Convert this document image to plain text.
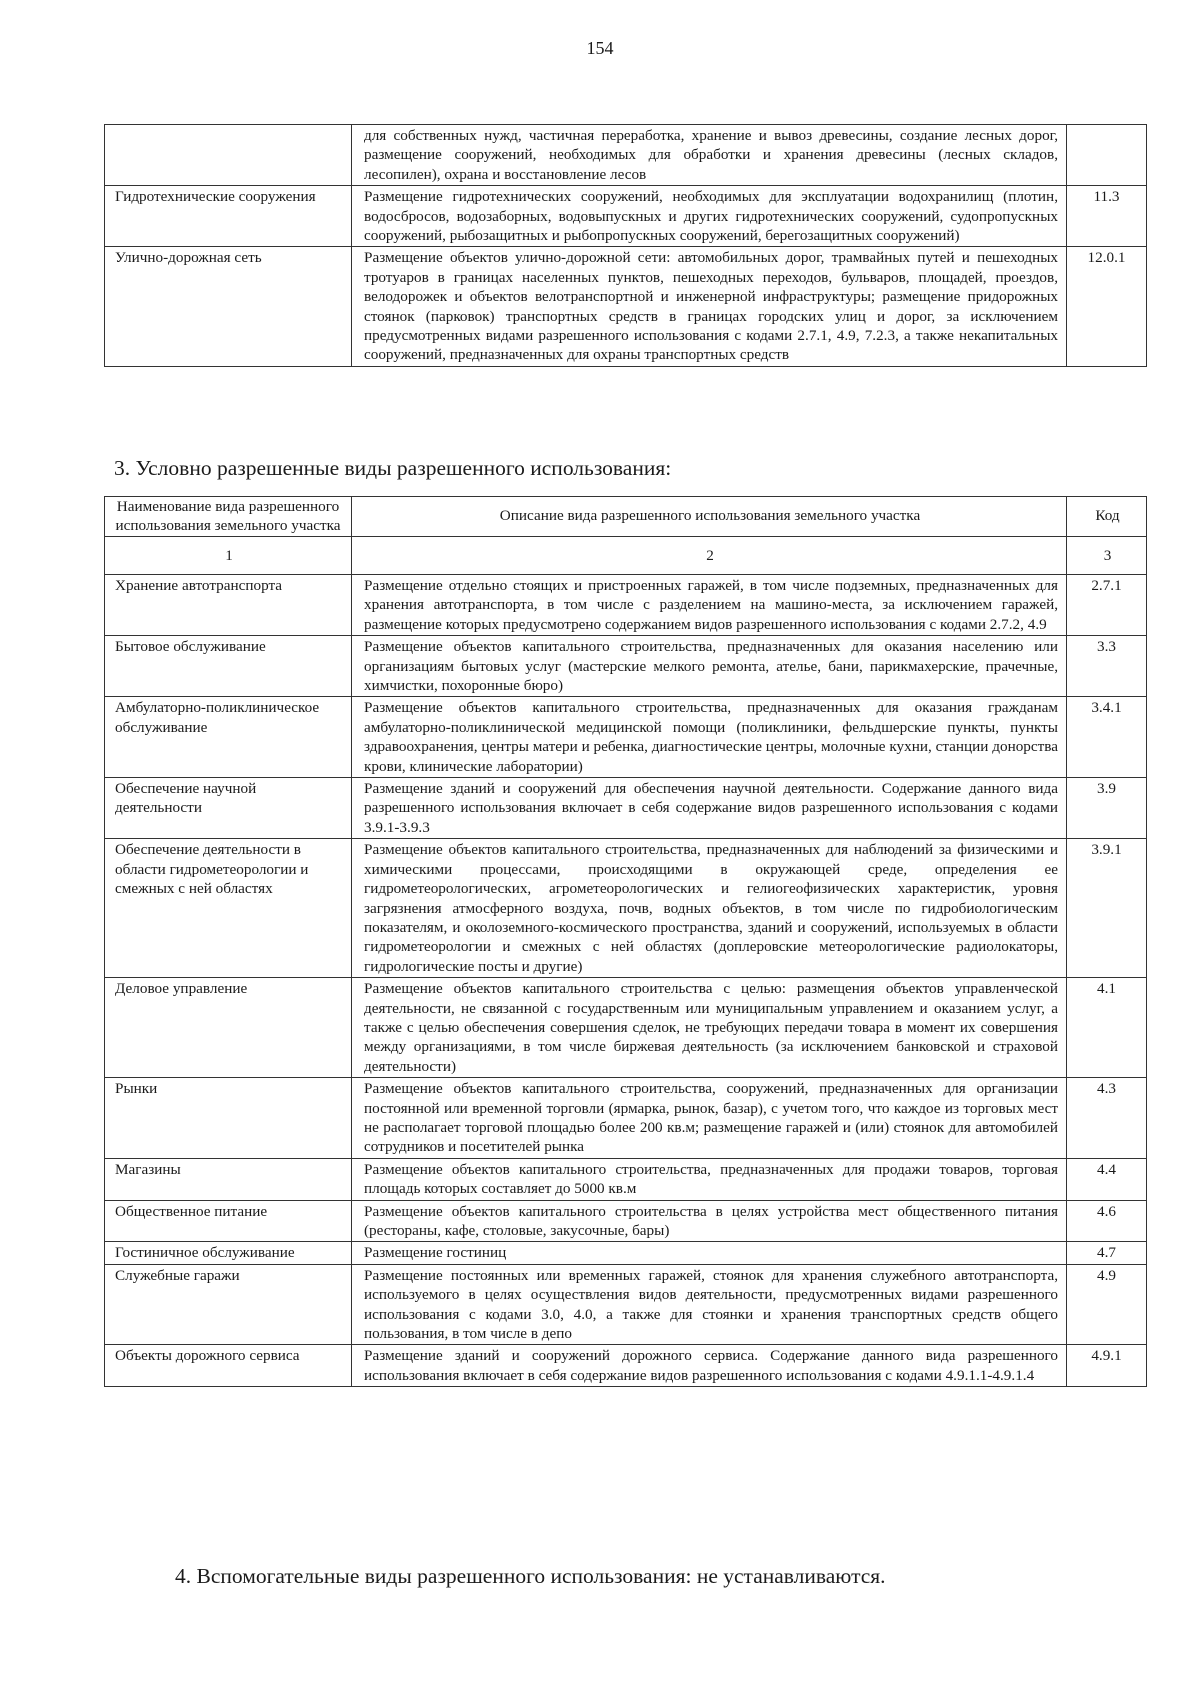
154
	для собственных нужд, частичная переработка, хранение и вывоз древесины, создание лесных дорог, размещение сооружений, необходимых для обработки и хранения древесины (лесных складов, лесопилен), охрана и восстановление лесов	
Гидротехнические сооружения	Размещение гидротехнических сооружений, необходимых для эксплуатации водохранилищ (плотин, водосбросов, водозаборных, водовыпускных и других гидротехнических сооружений, судопропускных сооружений, рыбозащитных и рыбопропускных сооружений, берегозащитных сооружений)	11.3
Улично-дорожная сеть	Размещение объектов улично-дорожной сети: автомобильных дорог, трамвайных путей и пешеходных тротуаров в границах населенных пунктов, пешеходных переходов, бульваров, площадей, проездов, велодорожек и объектов велотранспортной и инженерной инфраструктуры; размещение придорожных стоянок (парковок) транспортных средств в границах городских улиц и дорог, за исключением предусмотренных видами разрешенного использования с кодами 2.7.1, 4.9, 7.2.3, а также некапитальных сооружений, предназначенных для охраны транспортных средств	12.0.1
3. Условно разрешенные виды разрешенного использования:
Наименование вида разрешенного использования земельного участка	Описание вида разрешенного использования земельного участка	Код
1	2	3
Хранение автотранспорта	Размещение отдельно стоящих и пристроенных гаражей, в том числе подземных, предназначенных для хранения автотранспорта, в том числе с разделением на машино-места, за исключением гаражей, размещение которых предусмотрено содержанием видов разрешенного использования с кодами 2.7.2, 4.9	2.7.1
Бытовое обслуживание	Размещение объектов капитального строительства, предназначенных для оказания населению или организациям бытовых услуг (мастерские мелкого ремонта, ателье, бани, парикмахерские, прачечные, химчистки, похоронные бюро)	3.3
Амбулаторно-поликлиническое обслуживание	Размещение объектов капитального строительства, предназначенных для оказания гражданам амбулаторно-поликлинической медицинской помощи (поликлиники, фельдшерские пункты, пункты здравоохранения, центры матери и ребенка, диагностические центры, молочные кухни, станции донорства крови, клинические лаборатории)	3.4.1
Обеспечение научной деятельности	Размещение зданий и сооружений для обеспечения научной деятельности. Содержание данного вида разрешенного использования включает в себя содержание видов разрешенного использования с кодами 3.9.1-3.9.3	3.9
Обеспечение деятельности в области гидрометеорологии и смежных с ней областях	Размещение объектов капитального строительства, предназначенных для наблюдений за физическими и химическими процессами, происходящими в окружающей среде, определения ее гидрометеорологических, агрометеорологических и гелиогеофизических характеристик, уровня загрязнения атмосферного воздуха, почв, водных объектов, в том числе по гидробиологическим показателям, и околоземного-космического пространства, зданий и сооружений, используемых в области гидрометеорологии и смежных с ней областях (доплеровские метеорологические радиолокаторы, гидрологические посты и другие)	3.9.1
Деловое управление	Размещение объектов капитального строительства с целью: размещения объектов управленческой деятельности, не связанной с государственным или муниципальным управлением и оказанием услуг, а также с целью обеспечения совершения сделок, не требующих передачи товара в момент их совершения между организациями, в том числе биржевая деятельность (за исключением банковской и страховой деятельности)	4.1
Рынки	Размещение объектов капитального строительства, сооружений, предназначенных для организации постоянной или временной торговли (ярмарка, рынок, базар), с учетом того, что каждое из торговых мест не располагает торговой площадью более 200 кв.м; размещение гаражей и (или) стоянок для автомобилей сотрудников и посетителей рынка	4.3
Магазины	Размещение объектов капитального строительства, предназначенных для продажи товаров, торговая площадь которых составляет до 5000 кв.м	4.4
Общественное питание	Размещение объектов капитального строительства в целях устройства мест общественного питания (рестораны, кафе, столовые, закусочные, бары)	4.6
Гостиничное обслуживание	Размещение гостиниц	4.7
Служебные гаражи	Размещение постоянных или временных гаражей, стоянок для хранения служебного автотранспорта, используемого в целях осуществления видов деятельности, предусмотренных видами разрешенного использования с кодами 3.0, 4.0, а также для стоянки и хранения транспортных средств общего пользования, в том числе в депо	4.9
Объекты дорожного сервиса	Размещение зданий и сооружений дорожного сервиса. Содержание данного вида разрешенного использования включает в себя содержание видов разрешенного использования с кодами 4.9.1.1-4.9.1.4	4.9.1
4. Вспомогательные виды разрешенного использования: не устанавливаются.
